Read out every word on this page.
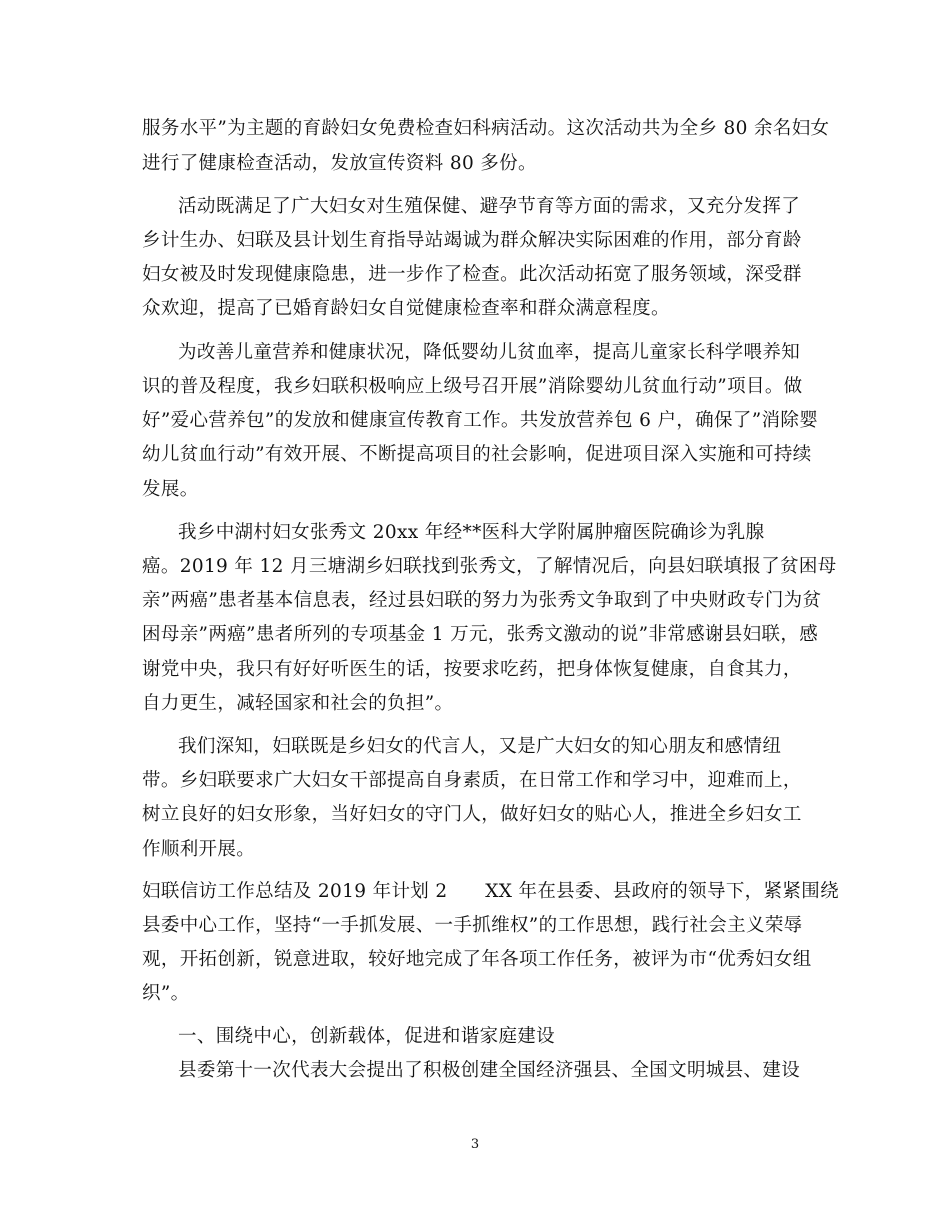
服务水平”为主题的育龄妇女免费检查妇科病活动。这次活动共为全乡 80 余名妇女
进行了健康检查活动，发放宣传资料 80 多份。
活动既满足了广大妇女对生殖保健、避孕节育等方面的需求，又充分发挥了
乡计生办、妇联及县计划生育指导站竭诚为群众解决实际困难的作用，部分育龄
妇女被及时发现健康隐患，进一步作了检查。此次活动拓宽了服务领域，深受群
众欢迎，提高了已婚育龄妇女自觉健康检查率和群众满意程度。
为改善儿童营养和健康状况，降低婴幼儿贫血率，提高儿童家长科学喂养知
识的普及程度，我乡妇联积极响应上级号召开展”消除婴幼儿贫血行动”项目。做
好”爱心营养包”的发放和健康宣传教育工作。共发放营养包 6 户，确保了”消除婴
幼儿贫血行动”有效开展、不断提高项目的社会影响，促进项目深入实施和可持续
发展。
我乡中湖村妇女张秀文 20xx 年经**医科大学附属肿瘤医院确诊为乳腺
癌。2019 年 12 月三塘湖乡妇联找到张秀文，了解情况后，向县妇联填报了贫困母
亲”两癌”患者基本信息表，经过县妇联的努力为张秀文争取到了中央财政专门为贫
困母亲”两癌”患者所列的专项基金 1 万元，张秀文激动的说”非常感谢县妇联，感
谢党中央，我只有好好听医生的话，按要求吃药，把身体恢复健康，自食其力，
自力更生，减轻国家和社会的负担”。
我们深知，妇联既是乡妇女的代言人，又是广大妇女的知心朋友和感情纽
带。乡妇联要求广大妇女干部提高自身素质，在日常工作和学习中，迎难而上，
树立良好的妇女形象，当好妇女的守门人，做好妇女的贴心人，推进全乡妇女工
作顺利开展。
妇联信访工作总结及 2019 年计划 2　　XX 年在县委、县政府的领导下，紧紧围绕
县委中心工作，坚持“一手抓发展、一手抓维权”的工作思想，践行社会主义荣辱
观，开拓创新，锐意进取，较好地完成了年各项工作任务，被评为市“优秀妇女组
织”。
一、围绕中心，创新载体，促进和谐家庭建设
县委第十一次代表大会提出了积极创建全国经济强县、全国文明城县、建设
3
